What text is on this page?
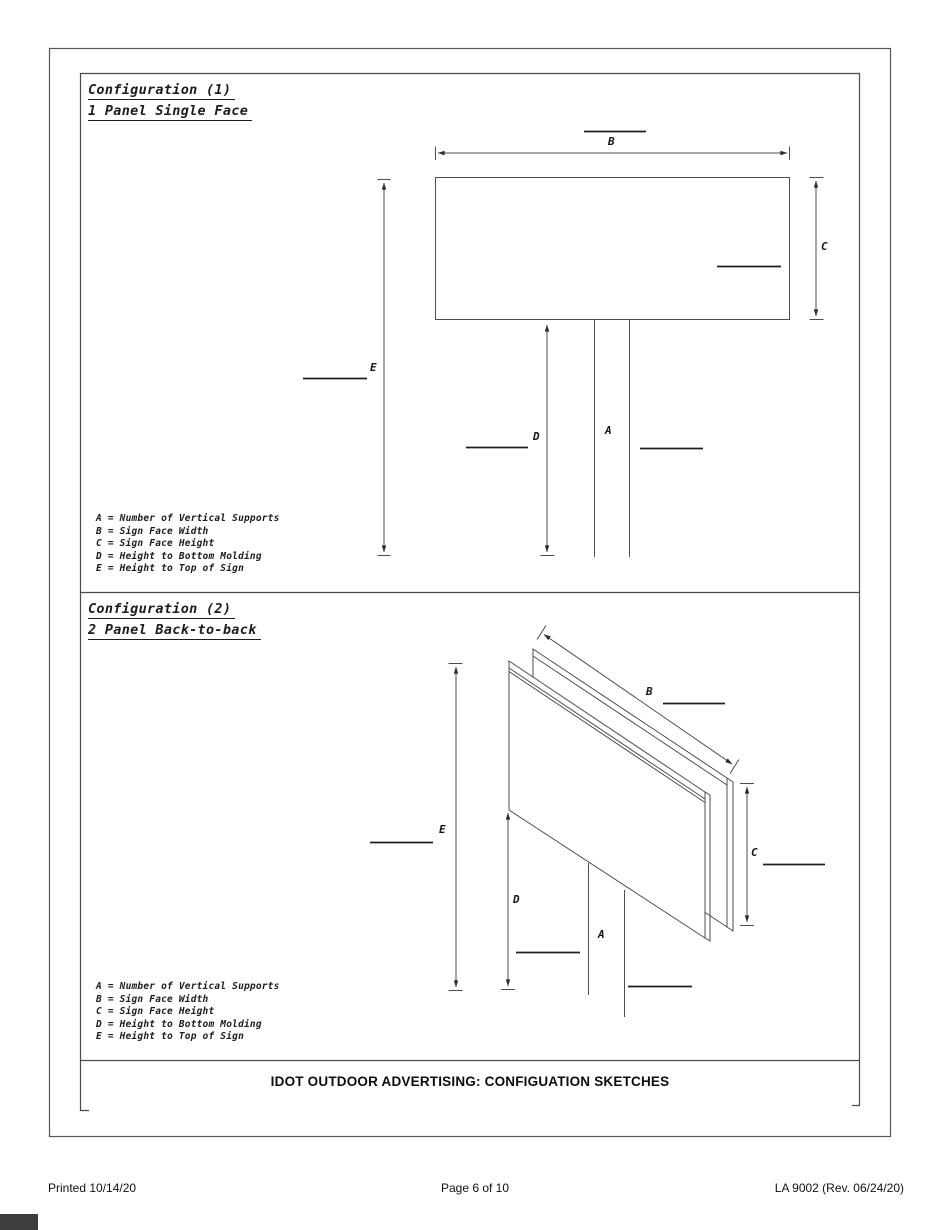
Configuration (1)
1 Panel Single Face
B
C
E
D	A
A = Number of Vertical Supports
B = Sign Face Width
C = Sign Face Height
D = Height to Bottom Molding
E = Height to Top of Sign
Configuration (2)
2 Panel Back-to-back
B
C
E
D
A
A = Number of Vertical Supports
B = Sign Face Width
C = Sign Face Height
D = Height to Bottom Molding
E = Height to Top of Sign
IDOT OUTDOOR ADVERTISING: CONFIGUATION SKETCHES
Printed 10/14/20	Page 6 of 10	LA 9002 (Rev. 06/24/20)
